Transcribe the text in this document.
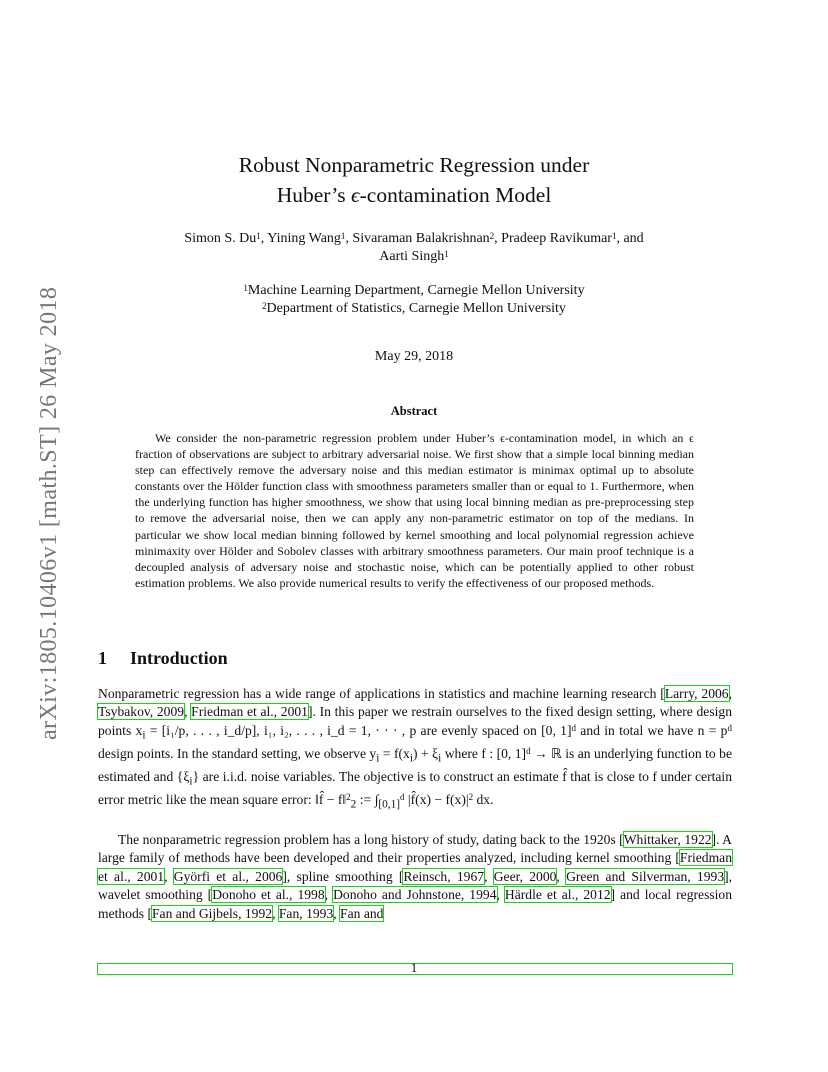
arXiv:1805.10406v1 [math.ST] 26 May 2018
Robust Nonparametric Regression under
Huber’s ϵ-contamination Model
Simon S. Du$^1$, Yining Wang$^1$, Sivaraman Balakrishnan$^2$, Pradeep Ravikumar$^1$, and
Aarti Singh$^1$
$^1$Machine Learning Department, Carnegie Mellon University
$^2$Department of Statistics, Carnegie Mellon University
May 29, 2018
Abstract
We consider the non-parametric regression problem under Huber’s ϵ-contamination model, in which an ϵ fraction of observations are subject to arbitrary adversarial noise. We first show that a simple local binning median step can effectively remove the adversary noise and this median estimator is minimax optimal up to absolute constants over the Hölder function class with smoothness parameters smaller than or equal to 1. Furthermore, when the underlying function has higher smoothness, we show that using local binning median as pre-preprocessing step to remove the adversarial noise, then we can apply any non-parametric estimator on top of the medians. In particular we show local median binning followed by kernel smoothing and local polynomial regression achieve minimaxity over Hölder and Sobolev classes with arbitrary smoothness parameters. Our main proof technique is a decoupled analysis of adversary noise and stochastic noise, which can be potentially applied to other robust estimation problems. We also provide numerical results to verify the effectiveness of our proposed methods.
1 Introduction
Nonparametric regression has a wide range of applications in statistics and machine learning research [Larry, 2006, Tsybakov, 2009, Friedman et al., 2001]. In this paper we restrain ourselves to the fixed design setting, where design points $x_i = [i_1/p$, . . . , i_d/p], i₁, i₂, . . . , i_d = 1, · · · , p are evenly spaced on [0, 1]$^d$ and in total we have $n = p^d$ design points. In the standard setting, we observe $y_i = f(x_i) + \xi_i$ where f : [0, 1]$^d$ → ℝ is an underlying function to be estimated and $\{\xi_i\}$ are i.i.d. noise variables. The objective is to construct an estimate f̂ that is close to f under certain error metric like the mean square error: ‖f̂ − f‖$^2_2$ := $\int_{[0,1]}^d$ |f̂(x) − $f(x)|^2$ dx.
The nonparametric regression problem has a long history of study, dating back to the 1920s [Whittaker, 1922]. A large family of methods have been developed and their properties analyzed, including kernel smoothing [Friedman et al., 2001, Györfi et al., 2006], spline smoothing [Reinsch, 1967, Geer, 2000, Green and Silverman, 1993], wavelet smoothing [Donoho et al., 1998, Donoho and Johnstone, 1994, Härdle et al., 2012] and local regression methods [Fan and Gijbels, 1992, Fan, 1993, Fan and
1
